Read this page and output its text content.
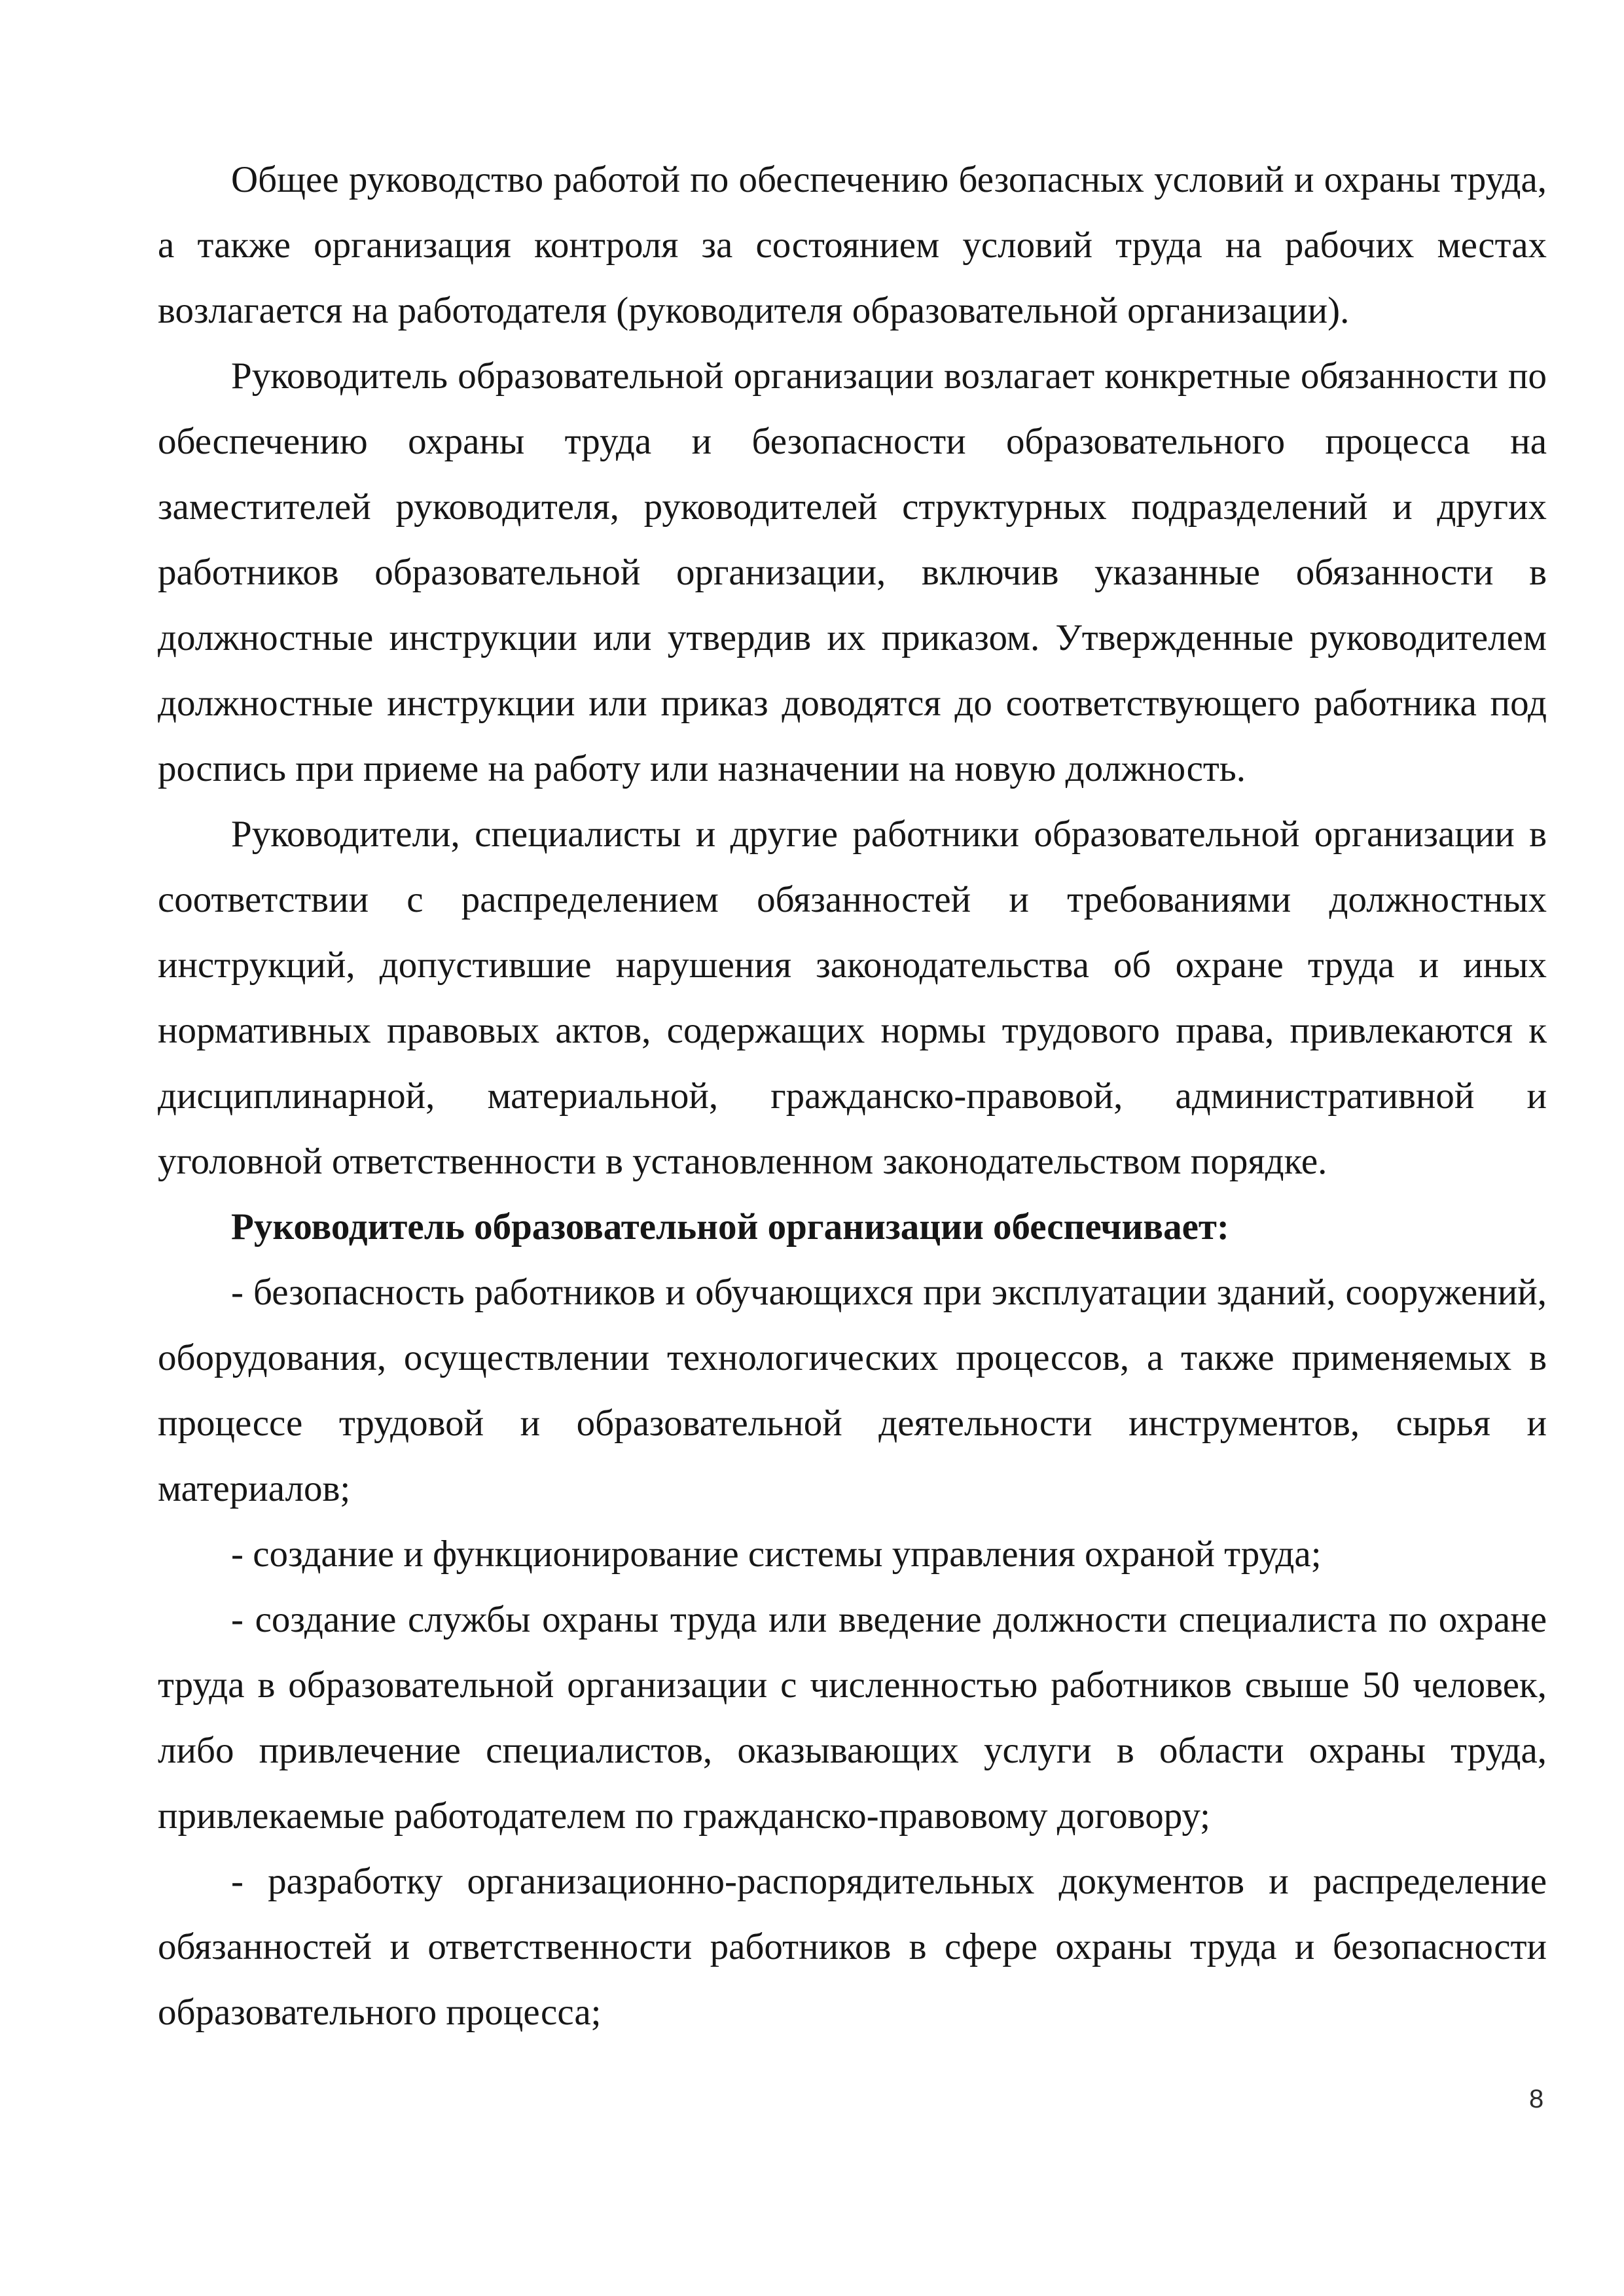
Общее руководство работой по обеспечению безопасных условий и охраны труда, а также организация контроля за состоянием условий труда на рабочих местах возлагается на работодателя (руководителя образовательной организации).

Руководитель образовательной организации возлагает конкретные обязанности по обеспечению охраны труда и безопасности образовательного процесса на заместителей руководителя, руководителей структурных подразделений и других работников образовательной организации, включив указанные обязанности в должностные инструкции или утвердив их приказом. Утвержденные руководителем должностные инструкции или приказ доводятся до соответствующего работника под роспись при приеме на работу или назначении на новую должность.

Руководители, специалисты и другие работники образовательной организации в соответствии с распределением обязанностей и требованиями должностных инструкций, допустившие нарушения законодательства об охране труда и иных нормативных правовых актов, содержащих нормы трудового права, привлекаются к дисциплинарной, материальной, гражданско-правовой, административной и уголовной ответственности в установленном законодательством порядке.

Руководитель образовательной организации обеспечивает:

- безопасность работников и обучающихся при эксплуатации зданий, сооружений, оборудования, осуществлении технологических процессов, а также применяемых в процессе трудовой и образовательной деятельности инструментов, сырья и материалов;

- создание и функционирование системы управления охраной труда;

- создание службы охраны труда или введение должности специалиста по охране труда в образовательной организации с численностью работников свыше 50 человек, либо привлечение специалистов, оказывающих услуги в области охраны труда, привлекаемые работодателем по гражданско-правовому договору;

- разработку организационно-распорядительных документов и распределение обязанностей и ответственности работников в сфере охраны труда и безопасности образовательного процесса;

8
